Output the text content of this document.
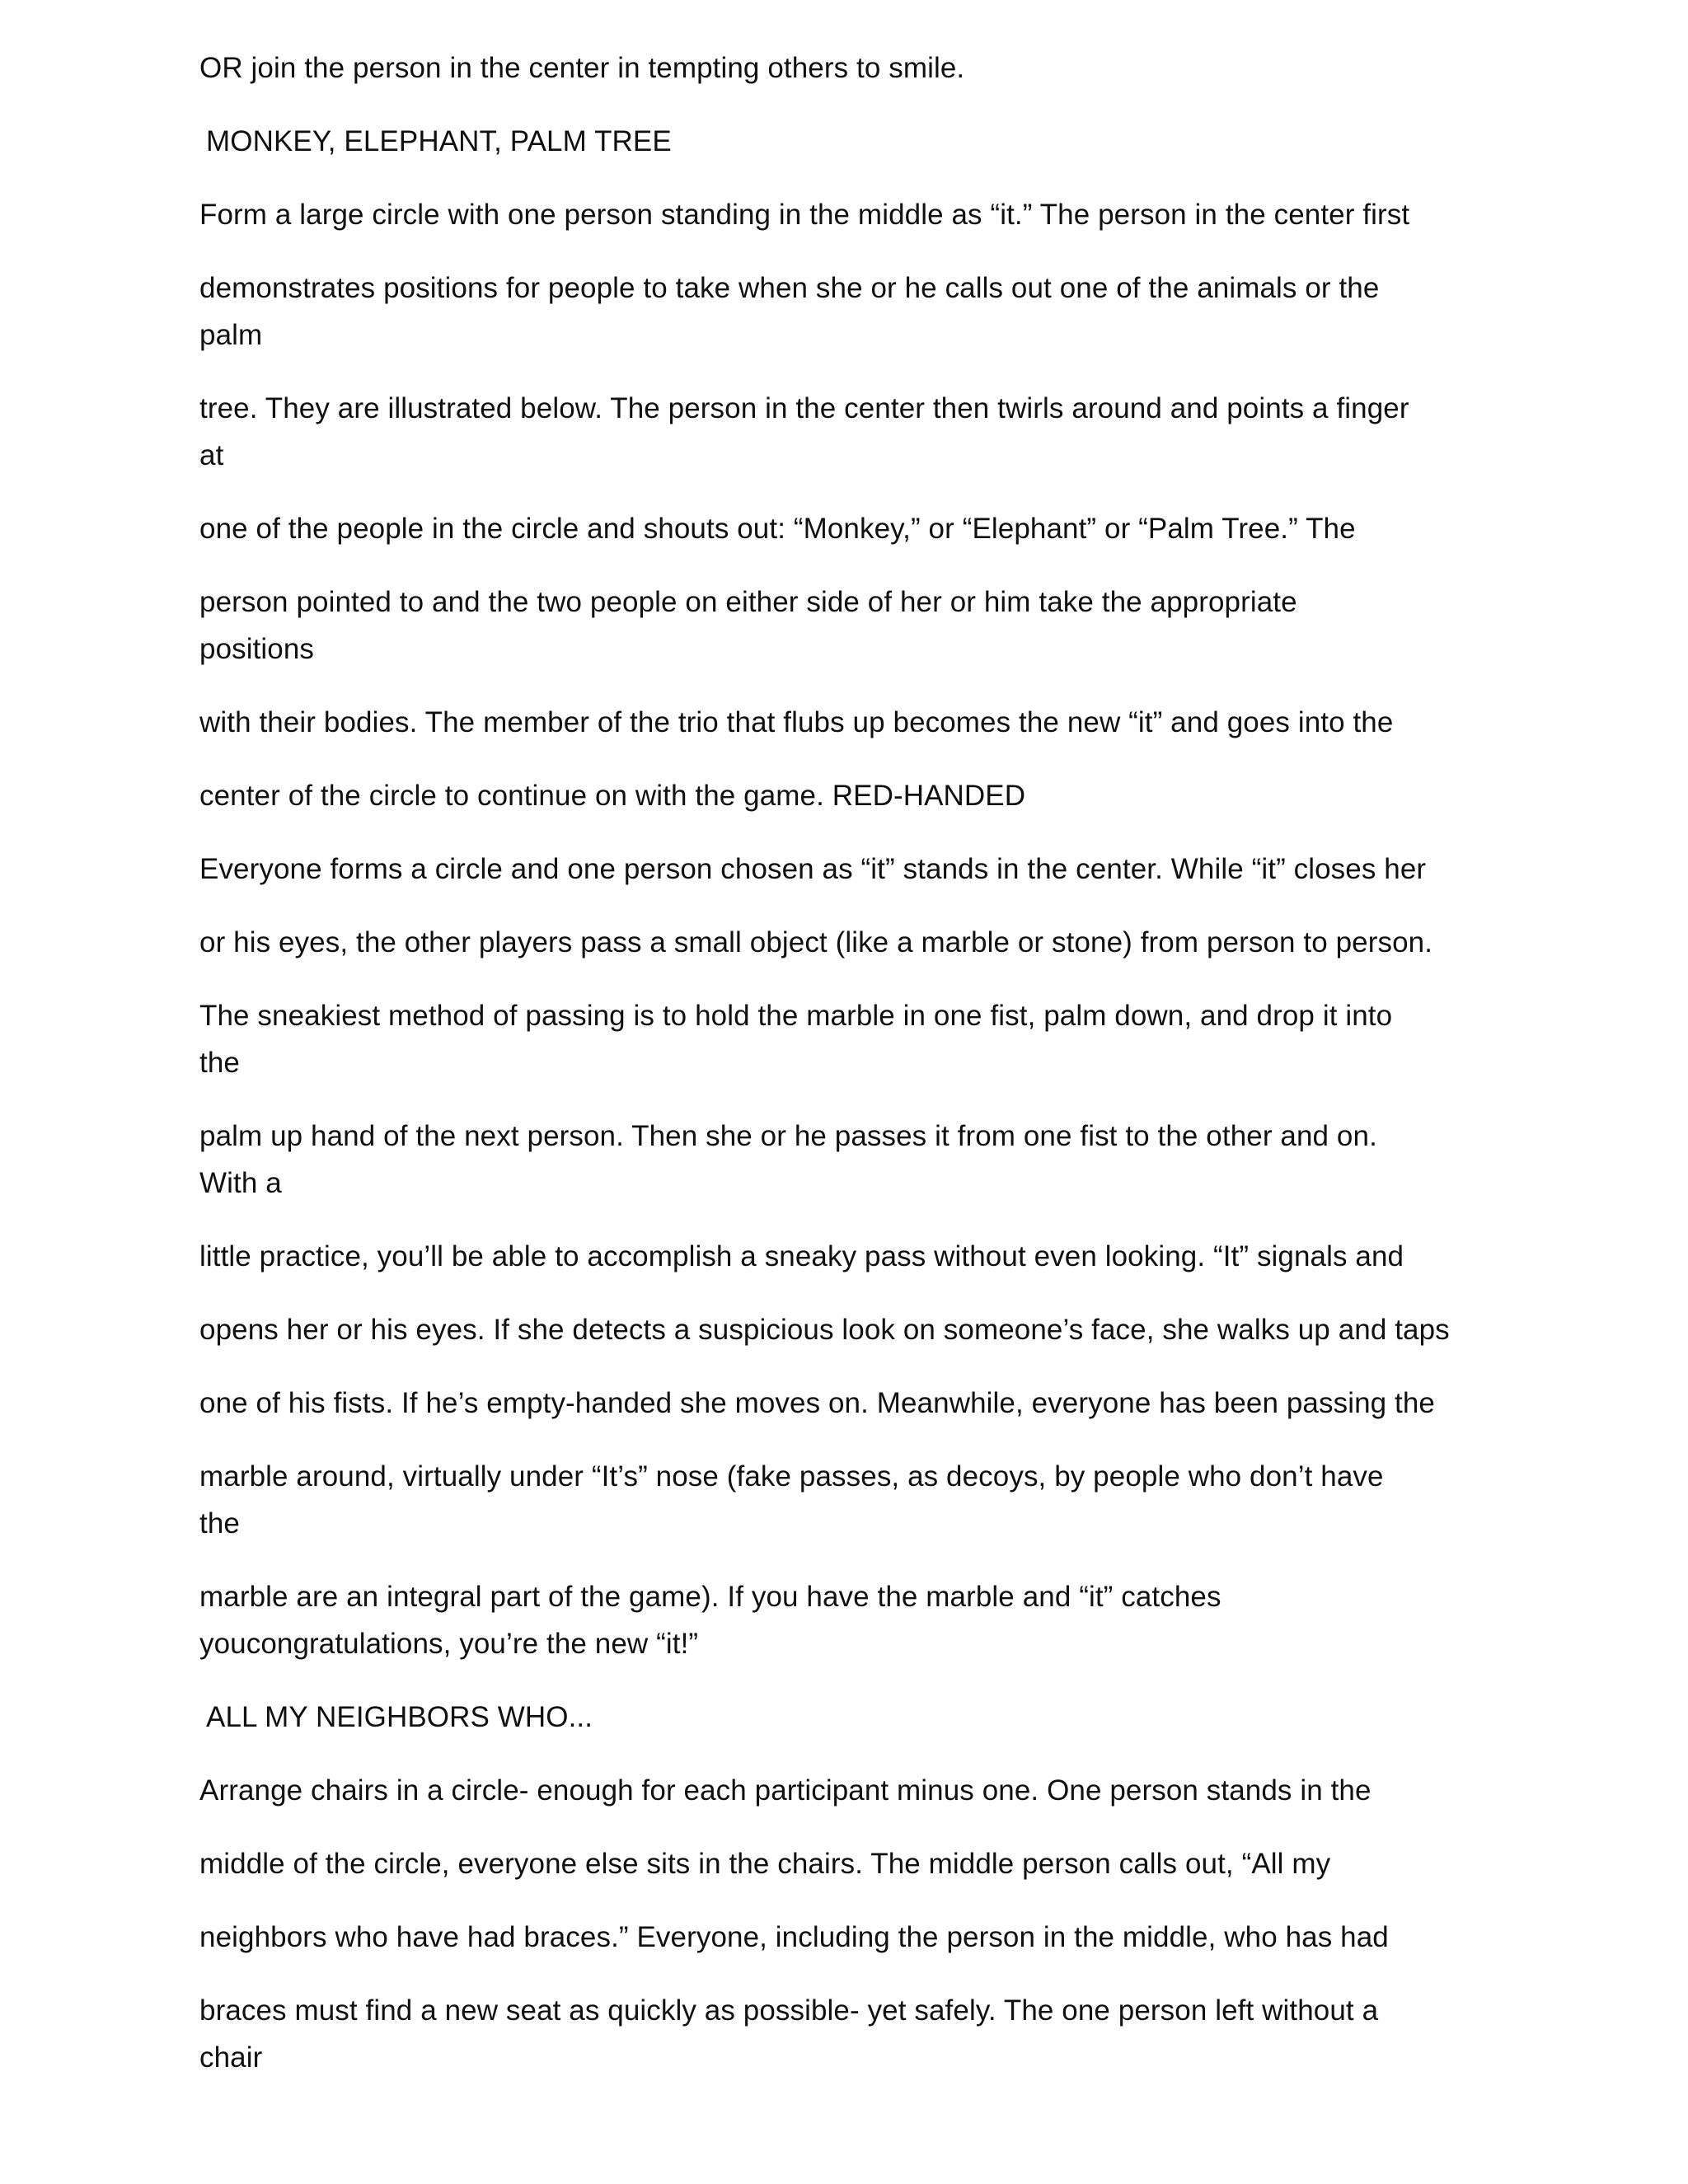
OR join the person in the center in tempting others to smile.

MONKEY, ELEPHANT, PALM TREE

Form a large circle with one person standing in the middle as “it.” The person in the center first

demonstrates positions for people to take when she or he calls out one of the animals or the
palm

tree. They are illustrated below. The person in the center then twirls around and points a finger
at

one of the people in the circle and shouts out: “Monkey,” or “Elephant” or “Palm Tree.” The

person pointed to and the two people on either side of her or him take the appropriate
positions

with their bodies. The member of the trio that flubs up becomes the new “it” and goes into the

center of the circle to continue on with the game. RED-HANDED

Everyone forms a circle and one person chosen as “it” stands in the center. While “it” closes her

or his eyes, the other players pass a small object (like a marble or stone) from person to person.

The sneakiest method of passing is to hold the marble in one fist, palm down, and drop it into
the

palm up hand of the next person. Then she or he passes it from one fist to the other and on.
With a

little practice, you’ll be able to accomplish a sneaky pass without even looking. “It” signals and

opens her or his eyes. If she detects a suspicious look on someone’s face, she walks up and taps

one of his fists. If he’s empty-handed she moves on. Meanwhile, everyone has been passing the

marble around, virtually under “It’s” nose (fake passes, as decoys, by people who don’t have
the

marble are an integral part of the game). If you have the marble and “it” catches
youcongratulations, you’re the new “it!”

ALL MY NEIGHBORS WHO...

Arrange chairs in a circle- enough for each participant minus one. One person stands in the

middle of the circle, everyone else sits in the chairs. The middle person calls out, “All my

neighbors who have had braces.” Everyone, including the person in the middle, who has had

braces must find a new seat as quickly as possible- yet safely. The one person left without a
chair
